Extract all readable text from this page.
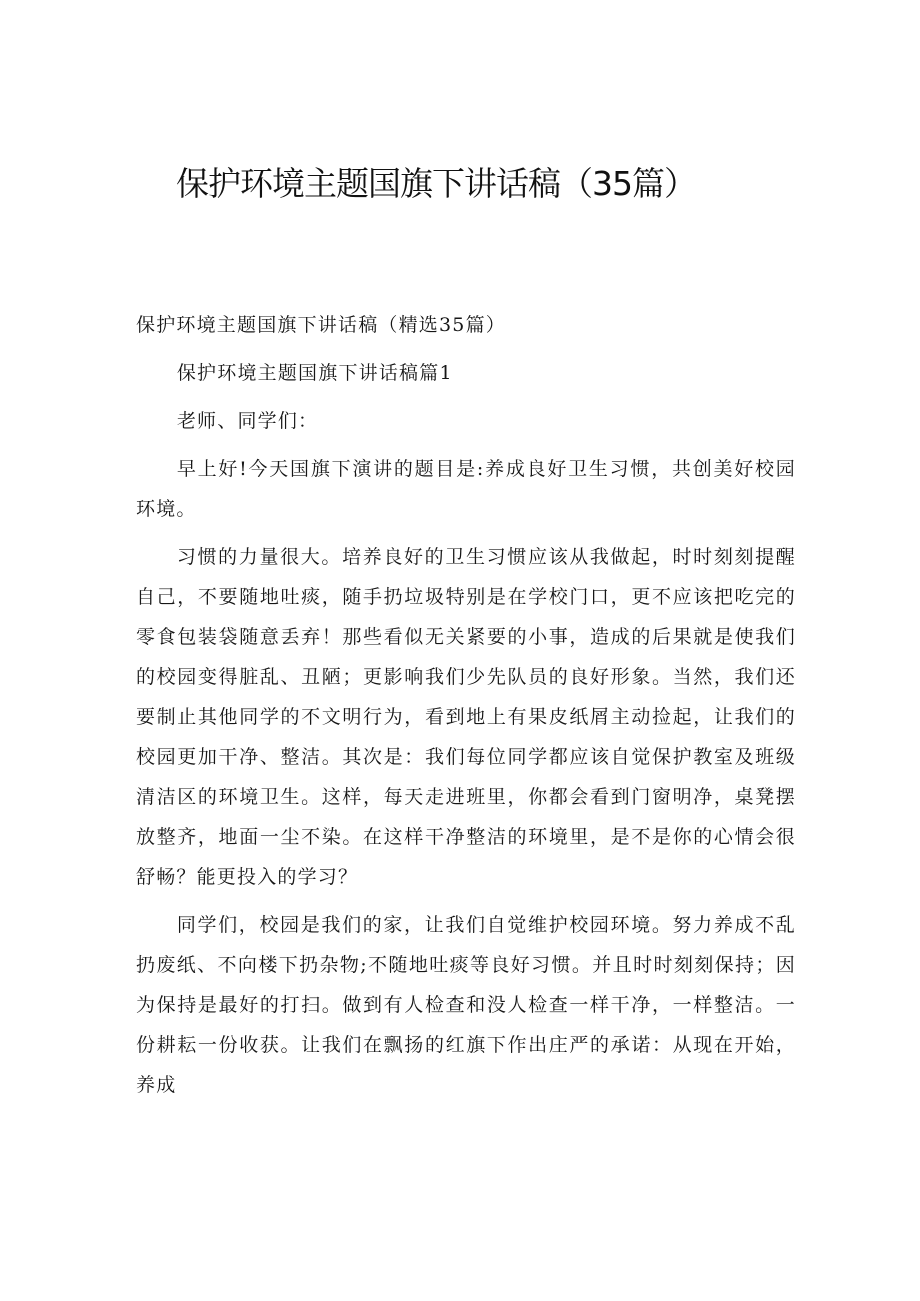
保护环境主题国旗下讲话稿（35篇）

保护环境主题国旗下讲话稿（精选35篇）

保护环境主题国旗下讲话稿篇1

老师、同学们：

早上好!今天国旗下演讲的题目是:养成良好卫生习惯，共创美好校园环境。

习惯的力量很大。培养良好的卫生习惯应该从我做起，时时刻刻提醒自己，不要随地吐痰，随手扔垃圾特别是在学校门口，更不应该把吃完的零食包装袋随意丢弃！那些看似无关紧要的小事，造成的后果就是使我们的校园变得脏乱、丑陋；更影响我们少先队员的良好形象。当然，我们还要制止其他同学的不文明行为，看到地上有果皮纸屑主动捡起，让我们的校园更加干净、整洁。其次是：我们每位同学都应该自觉保护教室及班级清洁区的环境卫生。这样，每天走进班里，你都会看到门窗明净，桌凳摆放整齐，地面一尘不染。在这样干净整洁的环境里，是不是你的心情会很舒畅？能更投入的学习？

同学们，校园是我们的家，让我们自觉维护校园环境。努力养成不乱扔废纸、不向楼下扔杂物;不随地吐痰等良好习惯。并且时时刻刻保持；因为保持是最好的打扫。做到有人检查和没人检查一样干净，一样整洁。一份耕耘一份收获。让我们在飘扬的红旗下作出庄严的承诺：从现在开始，养成
